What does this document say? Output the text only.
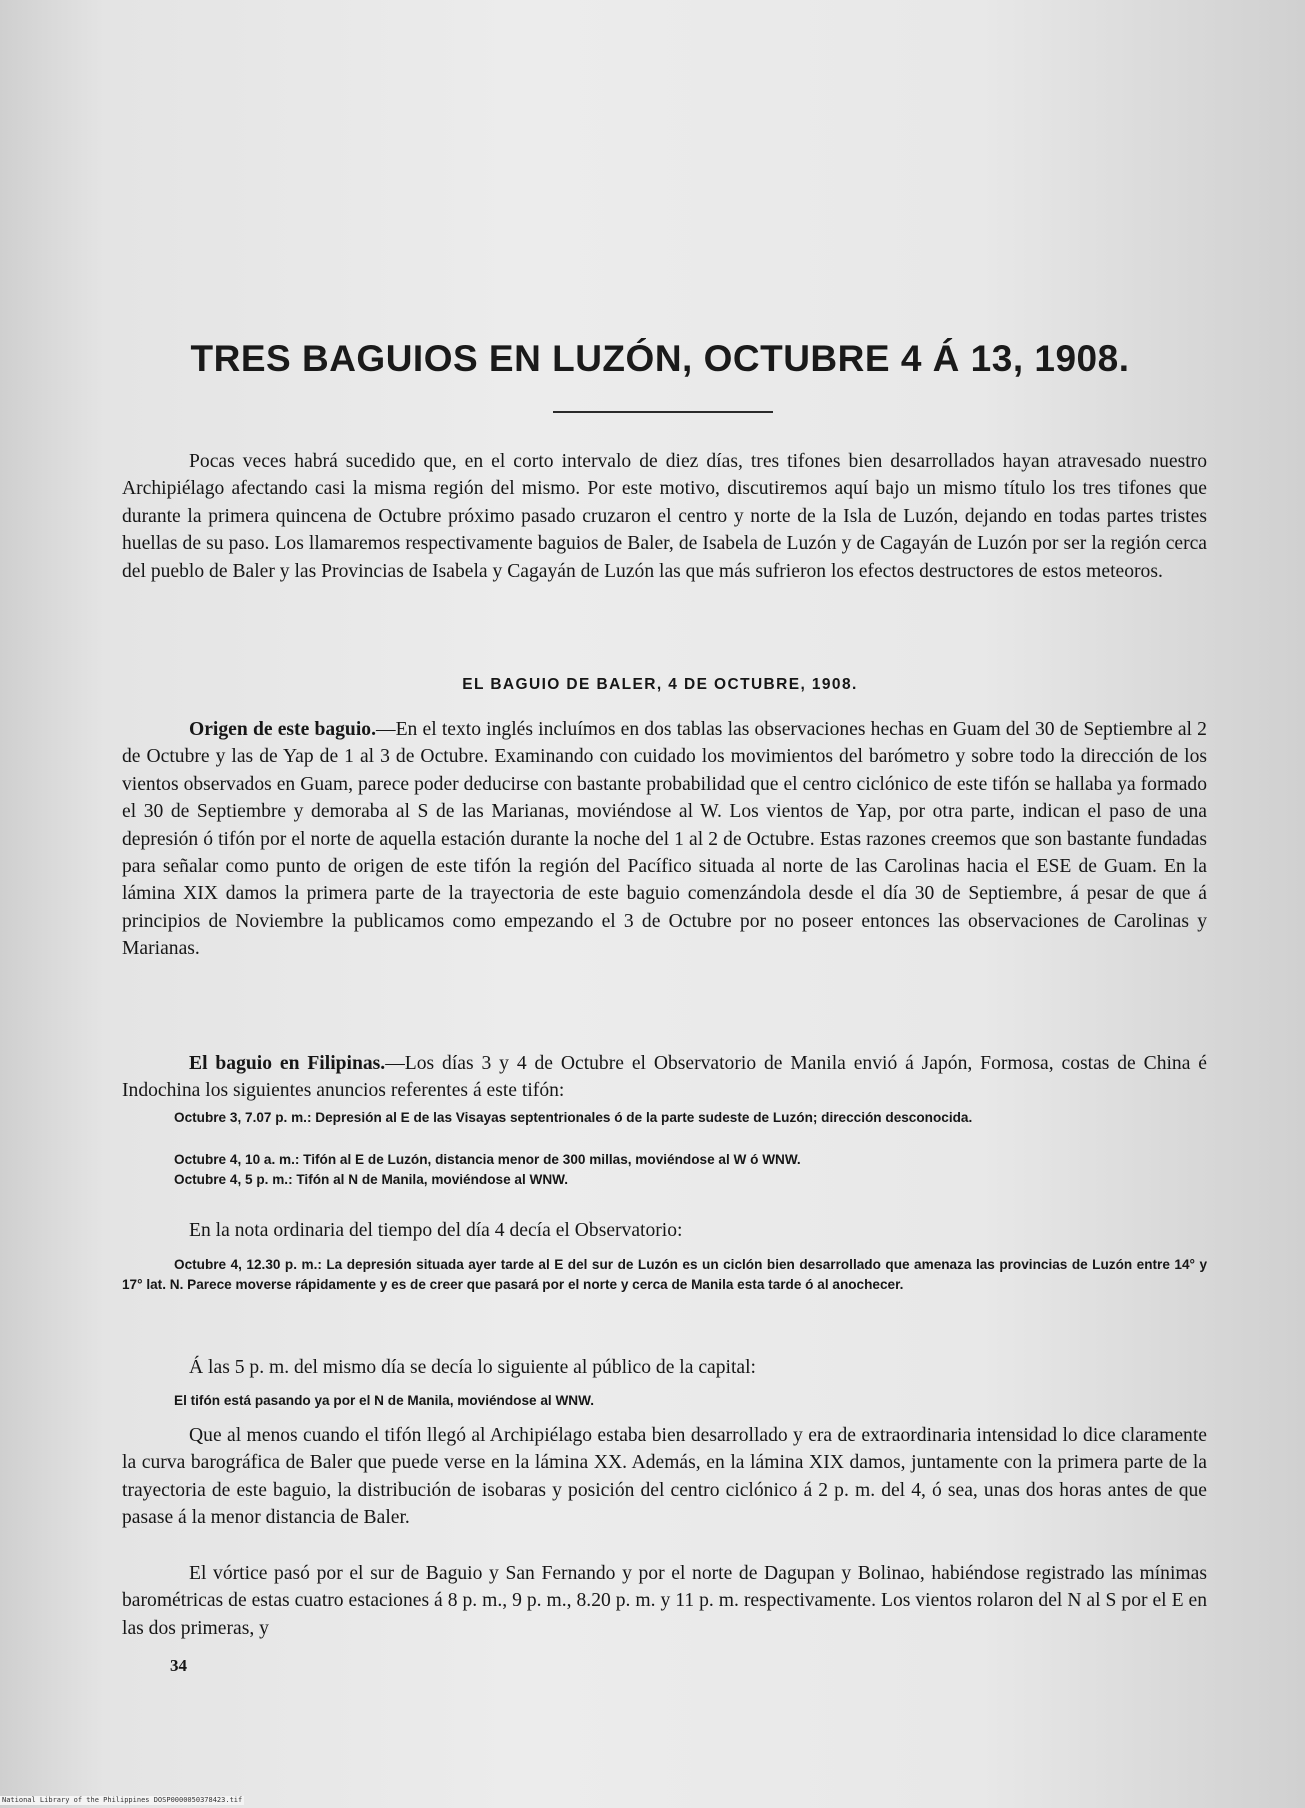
TRES BAGUIOS EN LUZÓN, OCTUBRE 4 Á 13, 1908.

Pocas veces habrá sucedido que, en el corto intervalo de diez días, tres tifones bien desarrollados hayan atravesado nuestro Archipiélago afectando casi la misma región del mismo. Por este motivo, discutiremos aquí bajo un mismo título los tres tifones que durante la primera quincena de Octubre próximo pasado cruzaron el centro y norte de la Isla de Luzón, dejando en todas partes tristes huellas de su paso. Los llamaremos respectivamente baguios de Baler, de Isabela de Luzón y de Cagayán de Luzón por ser la región cerca del pueblo de Baler y las Provincias de Isabela y Cagayán de Luzón las que más sufrieron los efectos destructores de estos meteoros.

EL BAGUIO DE BALER, 4 DE OCTUBRE, 1908.

Origen de este baguio.—En el texto inglés incluímos en dos tablas las observaciones hechas en Guam del 30 de Septiembre al 2 de Octubre y las de Yap de 1 al 3 de Octubre. Examinando con cuidado los movimientos del barómetro y sobre todo la dirección de los vientos observados en Guam, parece poder deducirse con bastante probabilidad que el centro ciclónico de este tifón se hallaba ya formado el 30 de Septiembre y demoraba al S de las Marianas, moviéndose al W. Los vientos de Yap, por otra parte, indican el paso de una depresión ó tifón por el norte de aquella estación durante la noche del 1 al 2 de Octubre. Estas razones creemos que son bastante fundadas para señalar como punto de origen de este tifón la región del Pacífico situada al norte de las Carolinas hacia el ESE de Guam. En la lámina XIX damos la primera parte de la trayectoria de este baguio comenzándola desde el día 30 de Septiembre, á pesar de que á principios de Noviembre la publicamos como empezando el 3 de Octubre por no poseer entonces las observaciones de Carolinas y Marianas.

El baguio en Filipinas.—Los días 3 y 4 de Octubre el Observatorio de Manila envió á Japón, Formosa, costas de China é Indochina los siguientes anuncios referentes á este tifón:

Octubre 3, 7.07 p. m.: Depresión al E de las Visayas septentrionales ó de la parte sudeste de Luzón; dirección desconocida.

Octubre 4, 10 a. m.: Tifón al E de Luzón, distancia menor de 300 millas, moviéndose al W ó WNW.

Octubre 4, 5 p. m.: Tifón al N de Manila, moviéndose al WNW.

En la nota ordinaria del tiempo del día 4 decía el Observatorio:

Octubre 4, 12.30 p. m.: La depresión situada ayer tarde al E del sur de Luzón es un ciclón bien desarrollado que amenaza las provincias de Luzón entre 14° y 17° lat. N. Parece moverse rápidamente y es de creer que pasará por el norte y cerca de Manila esta tarde ó al anochecer.

Á las 5 p. m. del mismo día se decía lo siguiente al público de la capital:

El tifón está pasando ya por el N de Manila, moviéndose al WNW.

Que al menos cuando el tifón llegó al Archipiélago estaba bien desarrollado y era de extraordinaria intensidad lo dice claramente la curva barográfica de Baler que puede verse en la lámina XX. Además, en la lámina XIX damos, juntamente con la primera parte de la trayectoria de este baguio, la distribución de isobaras y posición del centro ciclónico á 2 p. m. del 4, ó sea, unas dos horas antes de que pasase á la menor distancia de Baler.

El vórtice pasó por el sur de Baguio y San Fernando y por el norte de Dagupan y Bolinao, habiéndose registrado las mínimas barométricas de estas cuatro estaciones á 8 p. m., 9 p. m., 8.20 p. m. y 11 p. m. respectivamente. Los vientos rolaron del N al S por el E en las dos primeras, y

34
National Library of the Philippines DOSP0000050378423.tif
